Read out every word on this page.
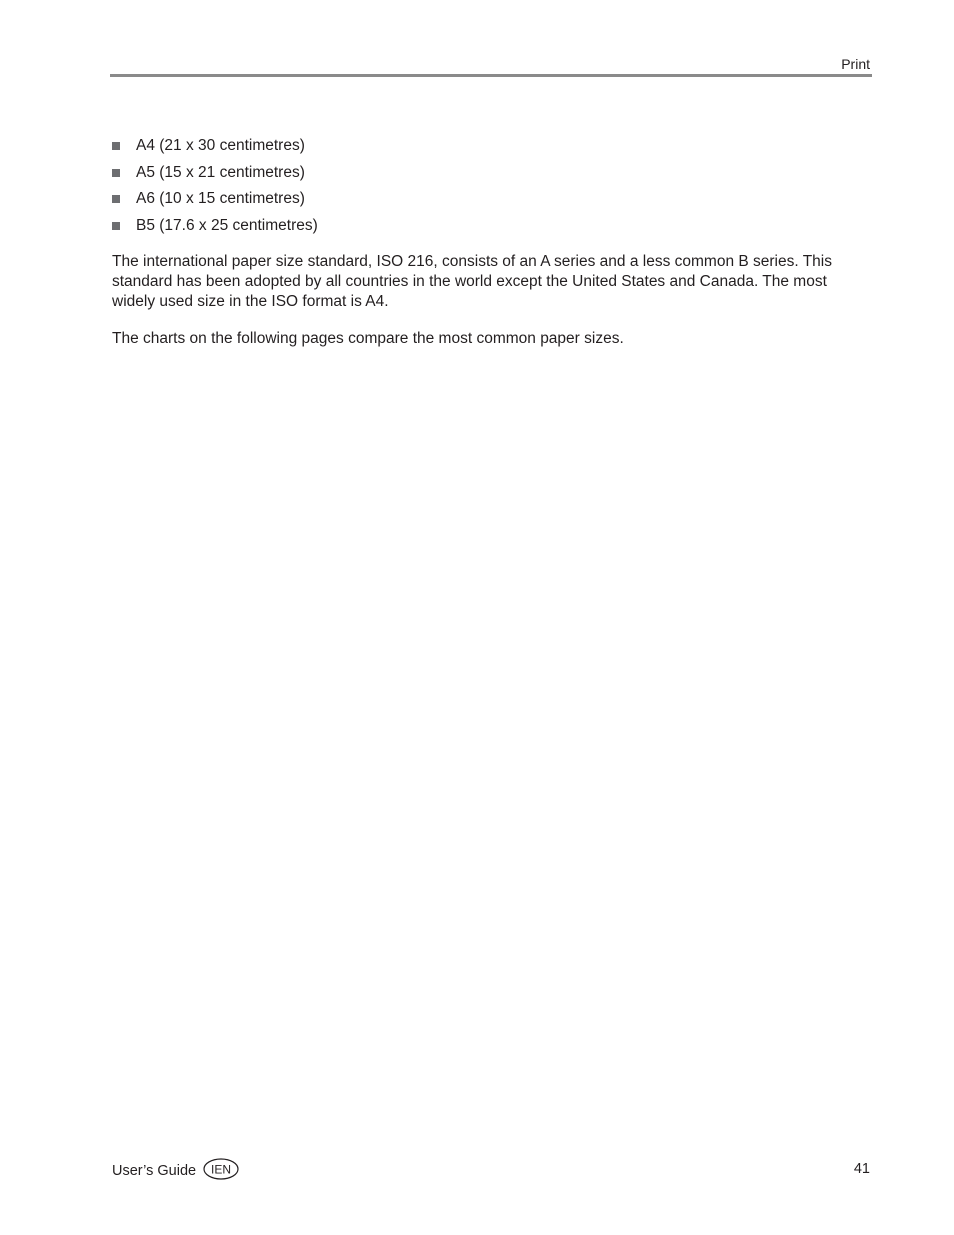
Print
A4 (21 x 30 centimetres)
A5 (15 x 21 centimetres)
A6 (10 x 15 centimetres)
B5 (17.6 x 25 centimetres)

The international paper size standard, ISO 216, consists of an A series and a less common B series. This standard has been adopted by all countries in the world except the United States and Canada. The most widely used size in the ISO format is A4.

The charts on the following pages compare the most common paper sizes.

User’s Guide IEN	41
